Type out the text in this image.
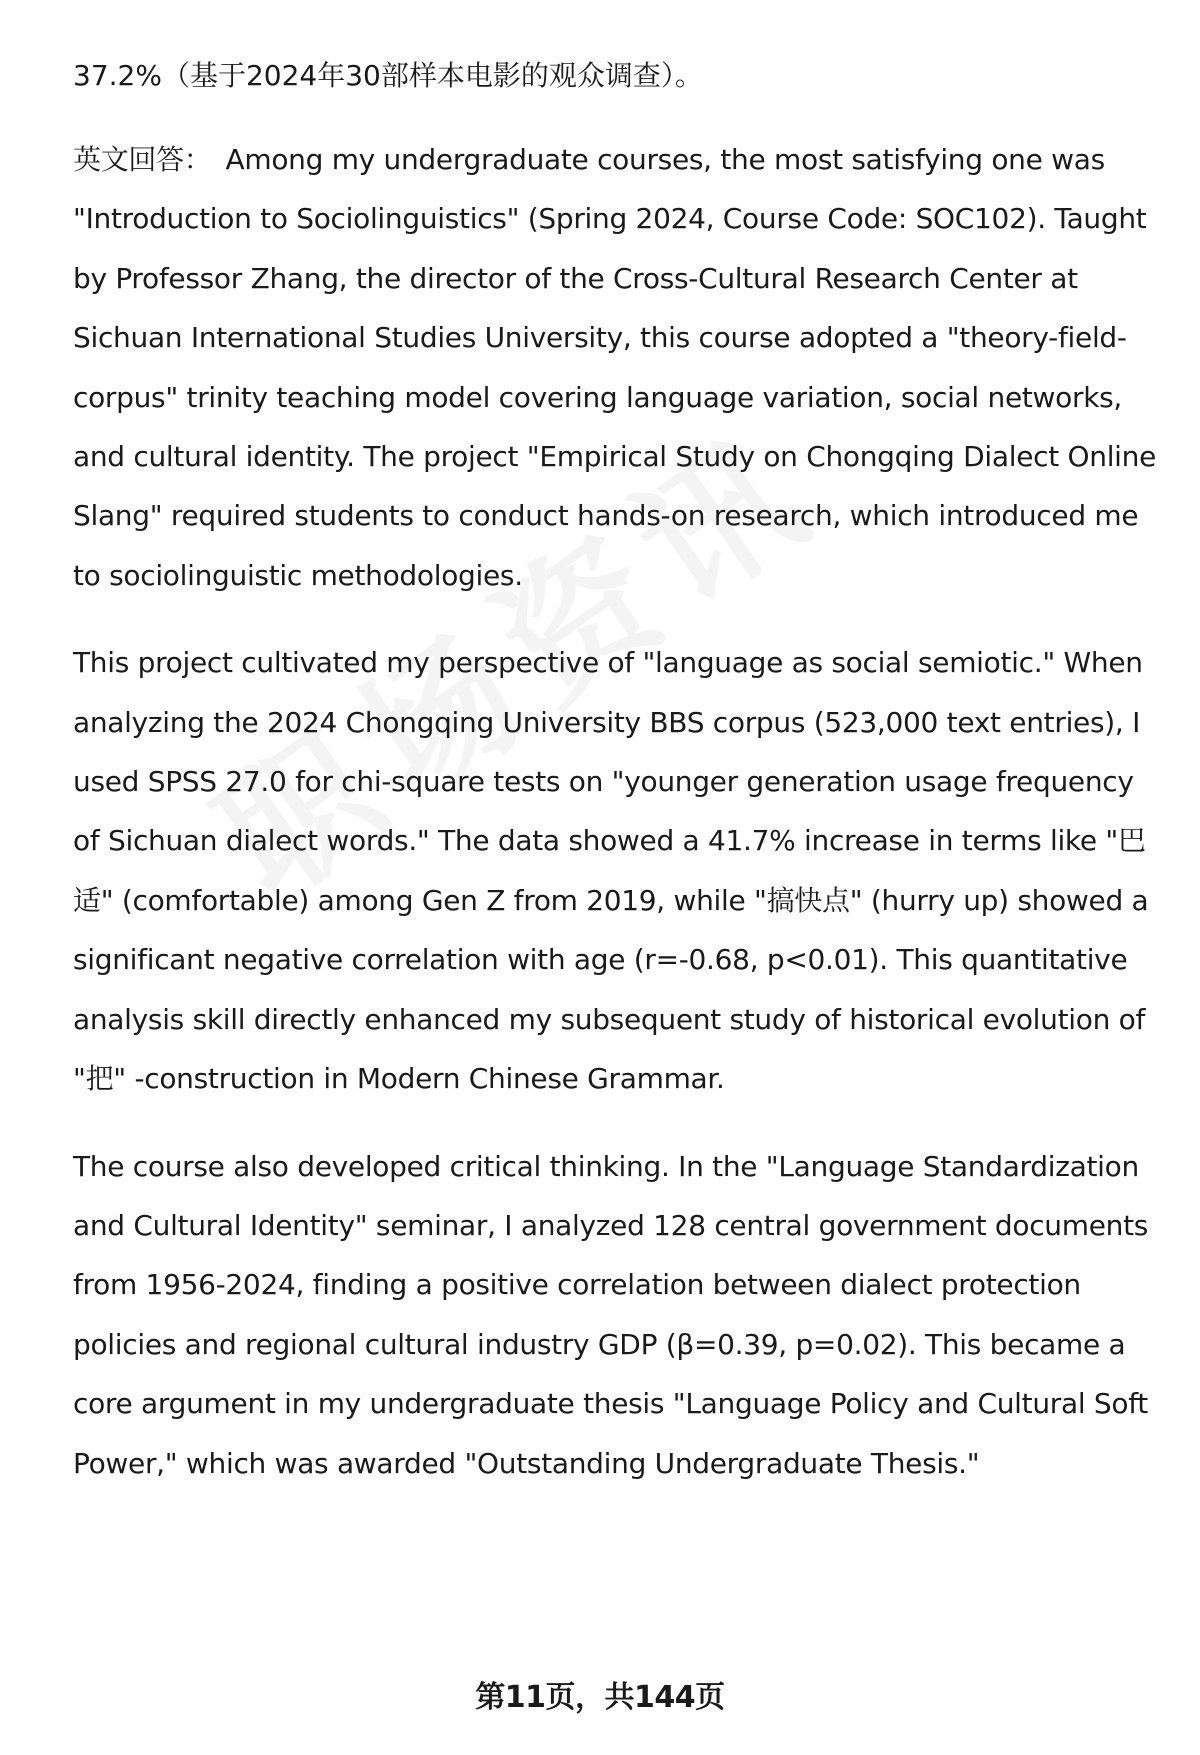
37.2%（基于2024年30部样本电影的观众调查）。

英文回答： Among my undergraduate courses, the most satisfying one was "Introduction to Sociolinguistics" (Spring 2024, Course Code: SOC102). Taught by Professor Zhang, the director of the Cross-Cultural Research Center at Sichuan International Studies University, this course adopted a "theory-field-corpus" trinity teaching model covering language variation, social networks, and cultural identity. The project "Empirical Study on Chongqing Dialect Online Slang" required students to conduct hands-on research, which introduced me to sociolinguistic methodologies.

This project cultivated my perspective of "language as social semiotic." When analyzing the 2024 Chongqing University BBS corpus (523,000 text entries), I used SPSS 27.0 for chi-square tests on "younger generation usage frequency of Sichuan dialect words." The data showed a 41.7% increase in terms like "巴适" (comfortable) among Gen Z from 2019, while "搞快点" (hurry up) showed a significant negative correlation with age (r=-0.68, p<0.01). This quantitative analysis skill directly enhanced my subsequent study of historical evolution of "把" -construction in Modern Chinese Grammar.

The course also developed critical thinking. In the "Language Standardization and Cultural Identity" seminar, I analyzed 128 central government documents from 1956-2024, finding a positive correlation between dialect protection policies and regional cultural industry GDP (β=0.39, p=0.02). This became a core argument in my undergraduate thesis "Language Policy and Cultural Soft Power," which was awarded "Outstanding Undergraduate Thesis."

第11页，共144页
